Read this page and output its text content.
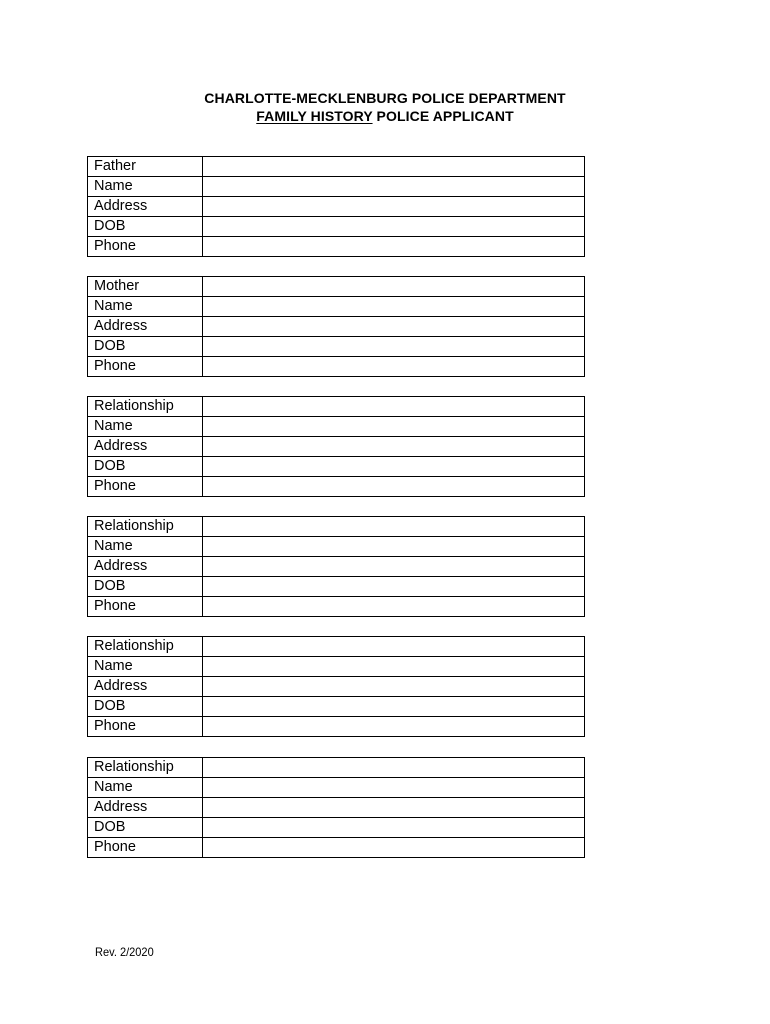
CHARLOTTE-MECKLENBURG POLICE DEPARTMENT
FAMILY HISTORY POLICE APPLICANT
Father	
Name	
Address	
DOB	
Phone	
Mother	
Name	
Address	
DOB	
Phone	
Relationship	
Name	
Address	
DOB	
Phone	
Relationship	
Name	
Address	
DOB	
Phone	
Relationship	
Name	
Address	
DOB	
Phone	
Relationship	
Name	
Address	
DOB	
Phone	
Rev. 2/2020
